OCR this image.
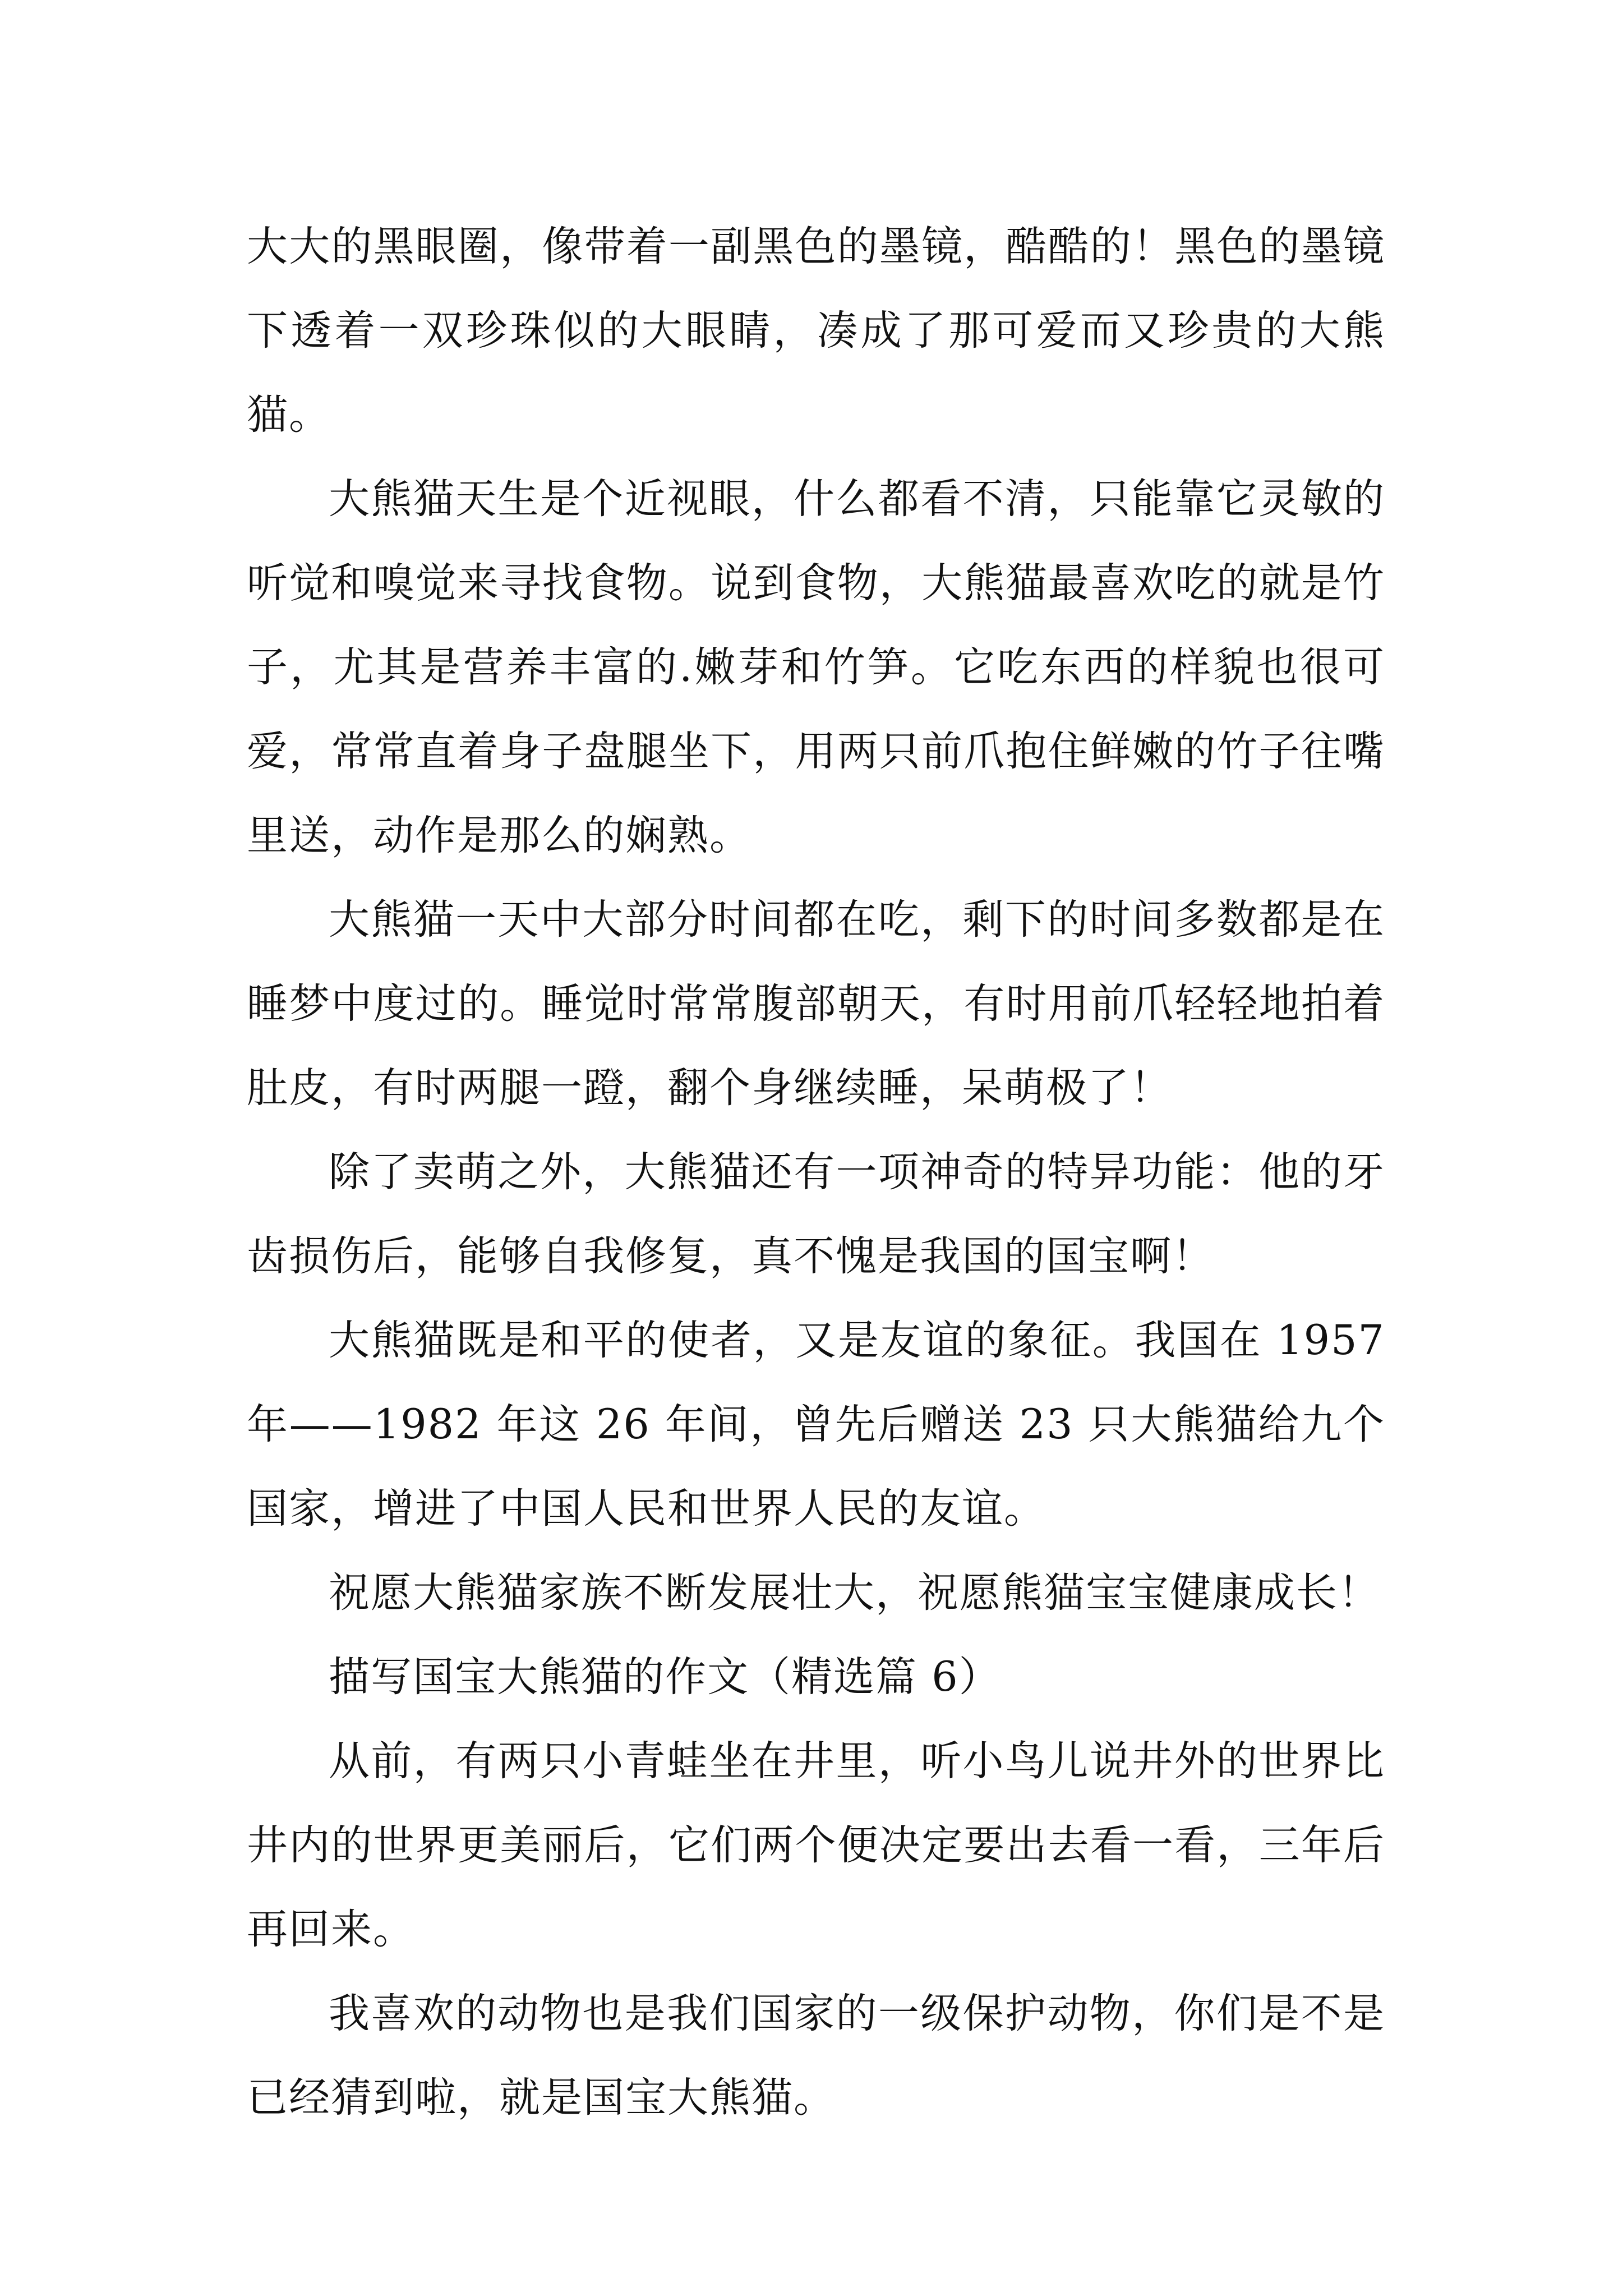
大大的黑眼圈，像带着一副黑色的墨镜，酷酷的！黑色的墨镜下透着一双珍珠似的大眼睛，凑成了那可爱而又珍贵的大熊猫。

大熊猫天生是个近视眼，什么都看不清，只能靠它灵敏的听觉和嗅觉来寻找食物。说到食物，大熊猫最喜欢吃的就是竹子，尤其是营养丰富的.嫩芽和竹笋。它吃东西的样貌也很可爱，常常直着身子盘腿坐下，用两只前爪抱住鲜嫩的竹子往嘴里送，动作是那么的娴熟。

大熊猫一天中大部分时间都在吃，剩下的时间多数都是在睡梦中度过的。睡觉时常常腹部朝天，有时用前爪轻轻地拍着肚皮，有时两腿一蹬，翻个身继续睡，呆萌极了！

除了卖萌之外，大熊猫还有一项神奇的特异功能：他的牙齿损伤后，能够自我修复，真不愧是我国的国宝啊！

大熊猫既是和平的使者，又是友谊的象征。我国在 1957 年——1982 年这 26 年间，曾先后赠送 23 只大熊猫给九个国家，增进了中国人民和世界人民的友谊。

祝愿大熊猫家族不断发展壮大，祝愿熊猫宝宝健康成长！

描写国宝大熊猫的作文（精选篇 6）

从前，有两只小青蛙坐在井里，听小鸟儿说井外的世界比井内的世界更美丽后，它们两个便决定要出去看一看，三年后再回来。

我喜欢的动物也是我们国家的一级保护动物，你们是不是已经猜到啦，就是国宝大熊猫。
